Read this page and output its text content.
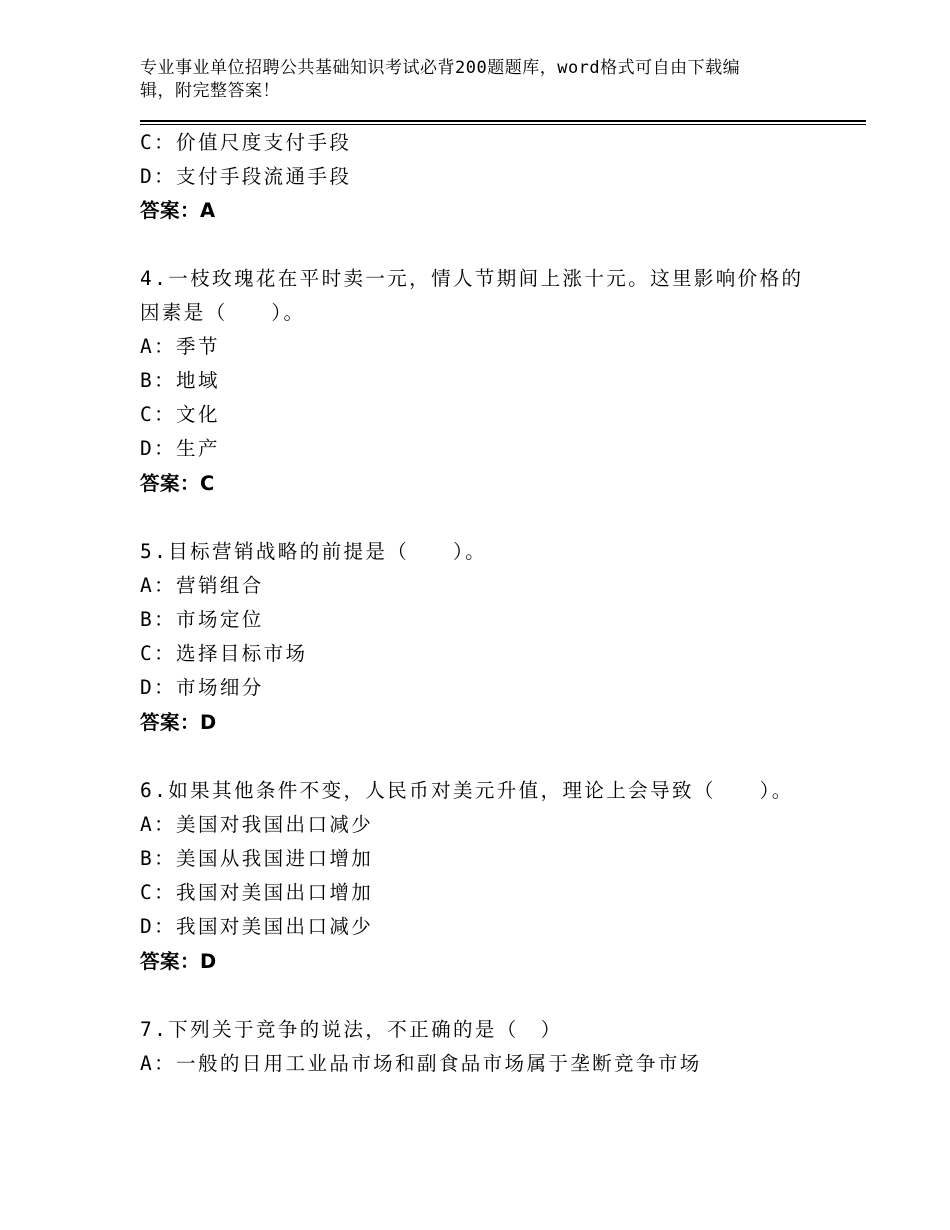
专业事业单位招聘公共基础知识考试必背200题题库，word格式可自由下载编
辑，附完整答案！
C：价值尺度支付手段
D：支付手段流通手段
答案：A
4.一枝玫瑰花在平时卖一元，情人节期间上涨十元。这里影响价格的
因素是（　　）。
A：季节
B：地域
C：文化
D：生产
答案：C
5.目标营销战略的前提是（　　）。
A：营销组合
B：市场定位
C：选择目标市场
D：市场细分
答案：D
6.如果其他条件不变，人民币对美元升值，理论上会导致（　　）。
A：美国对我国出口减少
B：美国从我国进口增加
C：我国对美国出口增加
D：我国对美国出口减少
答案：D
7.下列关于竞争的说法，不正确的是（　）
A：一般的日用工业品市场和副食品市场属于垄断竞争市场
